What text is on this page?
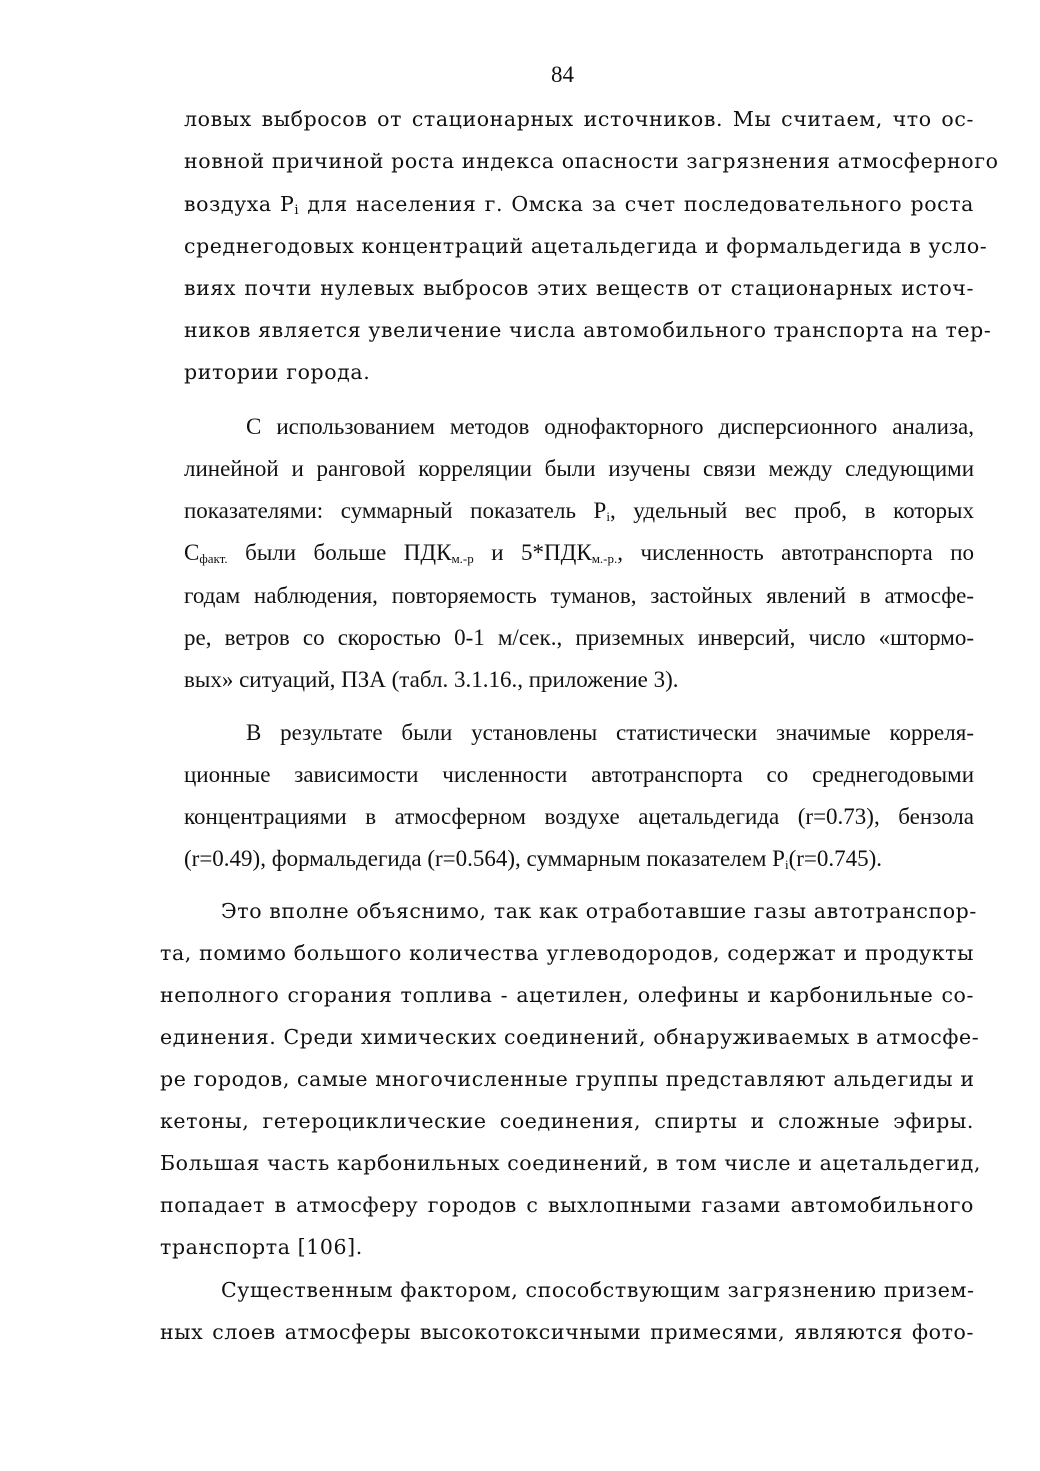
84
ловых выбросов от стационарных источников. Мы считаем, что ос-
новной причиной роста индекса опасности загрязнения атмосферного
воздуха $P_i$ для населения г. Омска за счет последовательного роста
среднегодовых концентраций ацетальдегида и формальдегида в усло-
виях почти нулевых выбросов этих веществ от стационарных источ-
ников является увеличение числа автомобильного транспорта на тер-
ритории города.
С использованием методов однофакторного дисперсионного анализа,
линейной и ранговой корреляции были изучены связи между следующими
показателями: суммарный показатель $P_i$, удельный вес проб, в которых
$C_{факт.}$ были больше $ПДК_{м.-р}$ и $5*ПДК_{м.-р.}$, численность автотранспорта по
годам наблюдения, повторяемость туманов, застойных явлений в атмосфе-
ре, ветров со скоростью 0-1 м/сек., приземных инверсий, число «штормо-
вых» ситуаций, ПЗА (табл. 3.1.16., приложение 3).
В результате были установлены статистически значимые корреля-
ционные зависимости численности автотранспорта со среднегодовыми
концентрациями в атмосферном воздухе ацетальдегида (r=0.73), бензола
(r=0.49), формальдегида (r=0.564), суммарным показателем $P_i(r=0.745)$.
Это вполне объяснимо, так как отработавшие газы автотранспор-
та, помимо большого количества углеводородов, содержат и продукты
неполного сгорания топлива - ацетилен, олефины и карбонильные со-
единения. Среди химических соединений, обнаруживаемых в атмосфе-
ре городов, самые многочисленные группы представляют альдегиды и
кетоны, гетероциклические соединения, спирты и сложные эфиры.
Большая часть карбонильных соединений, в том числе и ацетальдегид,
попадает в атмосферу городов с выхлопными газами автомобильного
транспорта [106].
Существенным фактором, способствующим загрязнению призем-
ных слоев атмосферы высокотоксичными примесями, являются фото-
